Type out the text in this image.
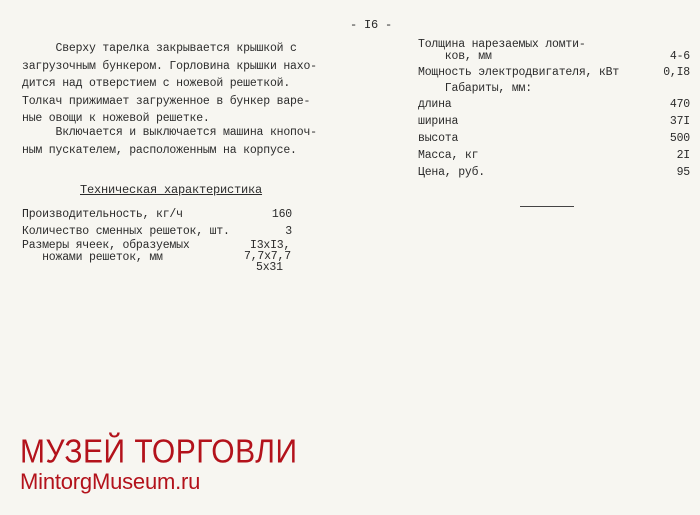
- I6 -
Сверху тарелка закрывается крышкой с
загрузочным бункером. Горловина крышки нахо-
дится над отверстием с ножевой решеткой.
Толкач прижимает загруженное в бункер варе-
ные овощи к ножевой решетке.
Включается и выключается машина кнопоч-
ным пускателем, расположенным на корпусе.
Техническая характеристика
Производительность, кг/ч	160
Количество сменных решеток, шт.	3
Размеры ячеек, образуемых
ножами решеток, мм
I3хI3,
7,7х7,7
5х31
Толщина нарезаемых ломти-
ков, мм	4-6
Мощность электродвигателя, кВт	0,I8
Габариты, мм:
длина	470
ширина	37I
высота	500
Масса, кг	2I
Цена, руб.	95
МУЗЕЙ ТОРГОВЛИ
MintorgMuseum.ru
